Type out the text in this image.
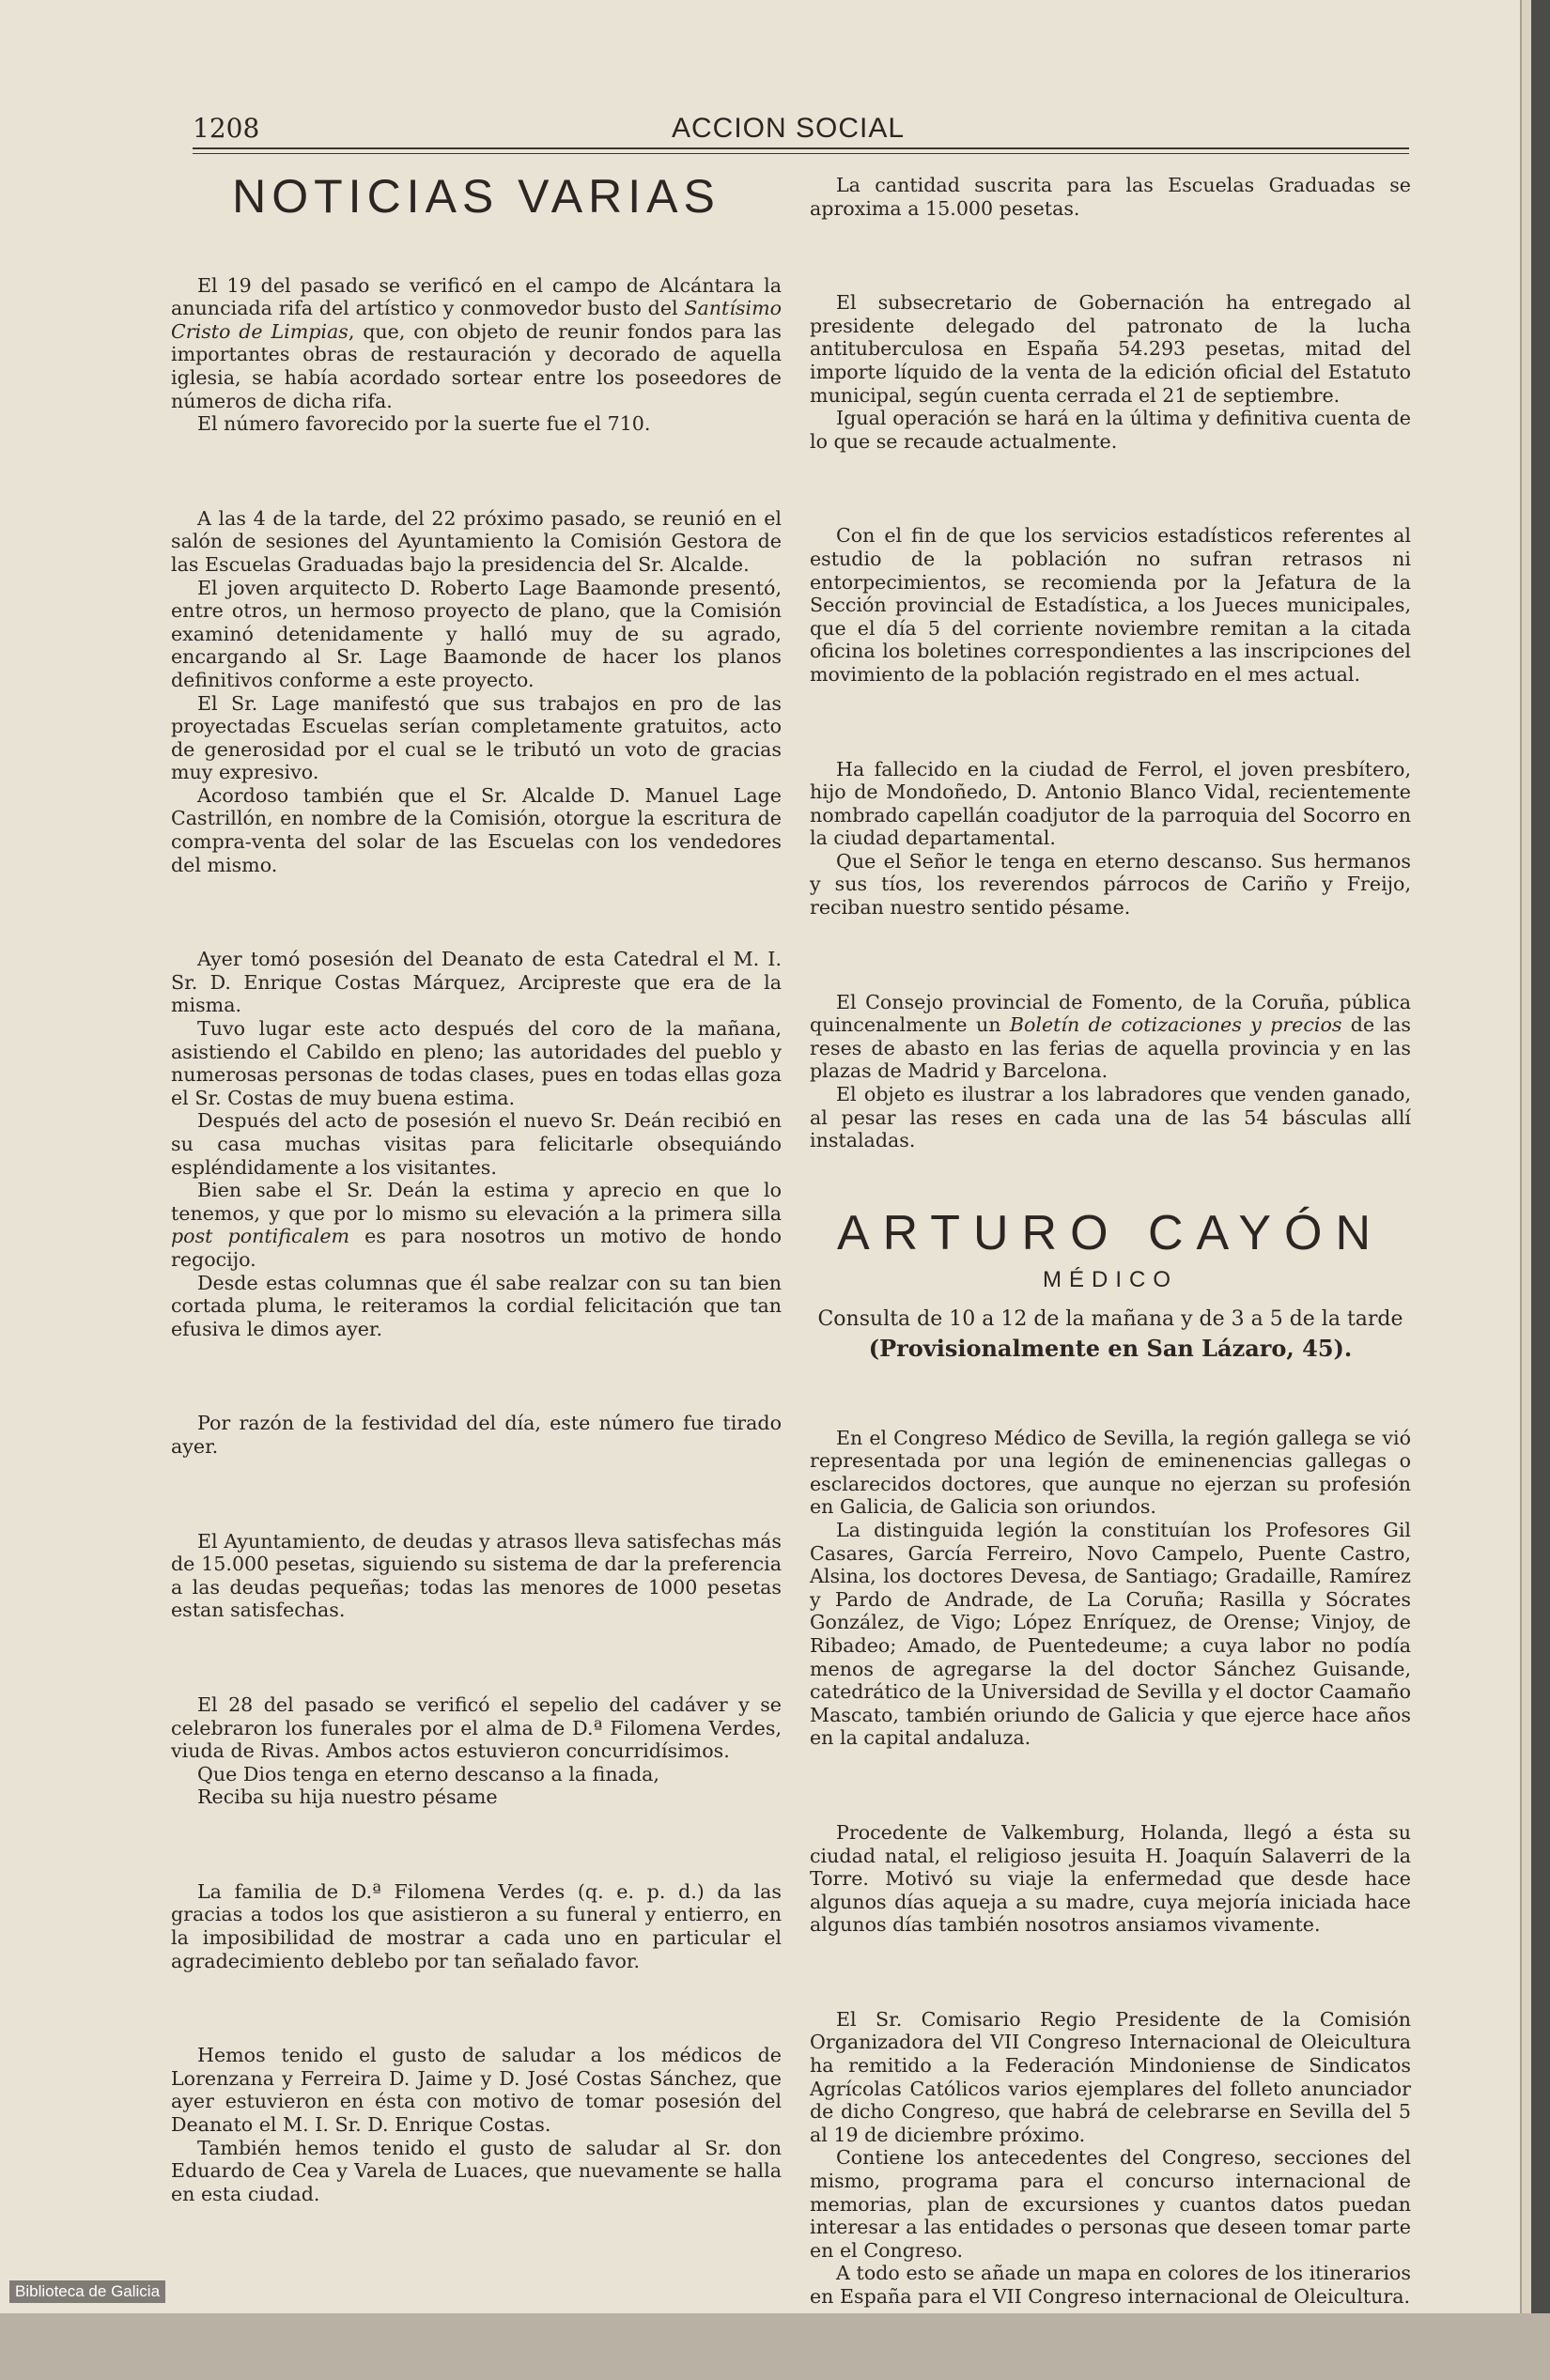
1208	ACCION SOCIAL
NOTICIAS VARIAS

El 19 del pasado se verificó en el campo de Alcántara la anunciada rifa del artístico y conmovedor busto del Santísimo Cristo de Limpias, que, con objeto de reunir fondos para las importantes obras de restauración y decorado de aquella iglesia, se había acordado sortear entre los poseedores de números de dicha rifa.

El número favorecido por la suerte fue el 710.

A las 4 de la tarde, del 22 próximo pasado, se reunió en el salón de sesiones del Ayuntamiento la Comisión Gestora de las Escuelas Graduadas bajo la presidencia del Sr. Alcalde.

El joven arquitecto D. Roberto Lage Baamonde presentó, entre otros, un hermoso proyecto de plano, que la Comisión examinó detenidamente y halló muy de su agrado, encargando al Sr. Lage Baamonde de hacer los planos definitivos conforme a este proyecto.

El Sr. Lage manifestó que sus trabajos en pro de las proyectadas Escuelas serían completamente gratuitos, acto de generosidad por el cual se le tributó un voto de gracias muy expresivo.

Acordoso también que el Sr. Alcalde D. Manuel Lage Castrillón, en nombre de la Comisión, otorgue la escritura de compra-venta del solar de las Escuelas con los vendedores del mismo.

Ayer tomó posesión del Deanato de esta Catedral el M. I. Sr. D. Enrique Costas Márquez, Arcipreste que era de la misma.

Tuvo lugar este acto después del coro de la mañana, asistiendo el Cabildo en pleno; las autoridades del pueblo y numerosas personas de todas clases, pues en todas ellas goza el Sr. Costas de muy buena estima.

Después del acto de posesión el nuevo Sr. Deán recibió en su casa muchas visitas para felicitarle obsequiándo espléndidamente a los visitantes.

Bien sabe el Sr. Deán la estima y aprecio en que lo tenemos, y que por lo mismo su elevación a la primera silla post pontificalem es para nosotros un motivo de hondo regocijo.

Desde estas columnas que él sabe realzar con su tan bien cortada pluma, le reiteramos la cordial felicitación que tan efusiva le dimos ayer.

Por razón de la festividad del día, este número fue tirado ayer.

El Ayuntamiento, de deudas y atrasos lleva satisfechas más de 15.000 pesetas, siguiendo su sistema de dar la preferencia a las deudas pequeñas; todas las menores de 1000 pesetas estan satisfechas.

El 28 del pasado se verificó el sepelio del cadáver y se celebraron los funerales por el alma de D.ª Filomena Verdes, viuda de Rivas. Ambos actos estuvieron concurridísimos.

Que Dios tenga en eterno descanso a la finada,

Reciba su hija nuestro pésame

La familia de D.ª Filomena Verdes (q. e. p. d.) da las gracias a todos los que asistieron a su funeral y entierro, en la imposibilidad de mostrar a cada uno en particular el agradecimiento deblebo por tan señalado favor.

Hemos tenido el gusto de saludar a los médicos de Lorenzana y Ferreira D. Jaime y D. José Costas Sánchez, que ayer estuvieron en ésta con motivo de tomar posesión del Deanato el M. I. Sr. D. Enrique Costas.

También hemos tenido el gusto de saludar al Sr. don Eduardo de Cea y Varela de Luaces, que nuevamente se halla en esta ciudad.

La cantidad suscrita para las Escuelas Graduadas se aproxima a 15.000 pesetas.

El subsecretario de Gobernación ha entregado al presidente delegado del patronato de la lucha antituberculosa en España 54.293 pesetas, mitad del importe líquido de la venta de la edición oficial del Estatuto municipal, según cuenta cerrada el 21 de septiembre.

Igual operación se hará en la última y definitiva cuenta de lo que se recaude actualmente.

Con el fin de que los servicios estadísticos referentes al estudio de la población no sufran retrasos ni entorpecimientos, se recomienda por la Jefatura de la Sección provincial de Estadística, a los Jueces municipales, que el día 5 del corriente noviembre remitan a la citada oficina los boletines correspondientes a las inscripciones del movimiento de la población registrado en el mes actual.

Ha fallecido en la ciudad de Ferrol, el joven presbítero, hijo de Mondoñedo, D. Antonio Blanco Vidal, recientemente nombrado capellán coadjutor de la parroquia del Socorro en la ciudad departamental.

Que el Señor le tenga en eterno descanso. Sus hermanos y sus tíos, los reverendos párrocos de Cariño y Freijo, reciban nuestro sentido pésame.

El Consejo provincial de Fomento, de la Coruña, pública quincenalmente un Boletín de cotizaciones y precios de las reses de abasto en las ferias de aquella provincia y en las plazas de Madrid y Barcelona.

El objeto es ilustrar a los labradores que venden ganado, al pesar las reses en cada una de las 54 básculas allí instaladas.

ARTURO CAYÓN

MÉDICO

Consulta de 10 a 12 de la mañana y de 3 a 5 de la tarde

(Provisionalmente en San Lázaro, 45).

En el Congreso Médico de Sevilla, la región gallega se vió representada por una legión de eminenencias gallegas o esclarecidos doctores, que aunque no ejerzan su profesión en Galicia, de Galicia son oriundos.

La distinguida legión la constituían los Profesores Gil Casares, García Ferreiro, Novo Campelo, Puente Castro, Alsina, los doctores Devesa, de Santiago; Gradaille, Ramírez y Pardo de Andrade, de La Coruña; Rasilla y Sócrates González, de Vigo; López Enríquez, de Orense; Vinjoy, de Ribadeo; Amado, de Puentedeume; a cuya labor no podía menos de agregarse la del doctor Sánchez Guisande, catedrático de la Universidad de Sevilla y el doctor Caamaño Mascato, también oriundo de Galicia y que ejerce hace años en la capital andaluza.

Procedente de Valkemburg, Holanda, llegó a ésta su ciudad natal, el religioso jesuita H. Joaquín Salaverri de la Torre. Motivó su viaje la enfermedad que desde hace algunos días aqueja a su madre, cuya mejoría iniciada hace algunos días también nosotros ansiamos vivamente.

El Sr. Comisario Regio Presidente de la Comisión Organizadora del VII Congreso Internacional de Oleicultura ha remitido a la Federación Mindoniense de Sindicatos Agrícolas Católicos varios ejemplares del folleto anunciador de dicho Congreso, que habrá de celebrarse en Sevilla del 5 al 19 de diciembre próximo.

Contiene los antecedentes del Congreso, secciones del mismo, programa para el concurso internacional de memorias, plan de excursiones y cuantos datos puedan interesar a las entidades o personas que deseen tomar parte en el Congreso.

A todo esto se añade un mapa en colores de los itinerarios en España para el VII Congreso internacional de Oleicultura.

Biblioteca de Galicia
